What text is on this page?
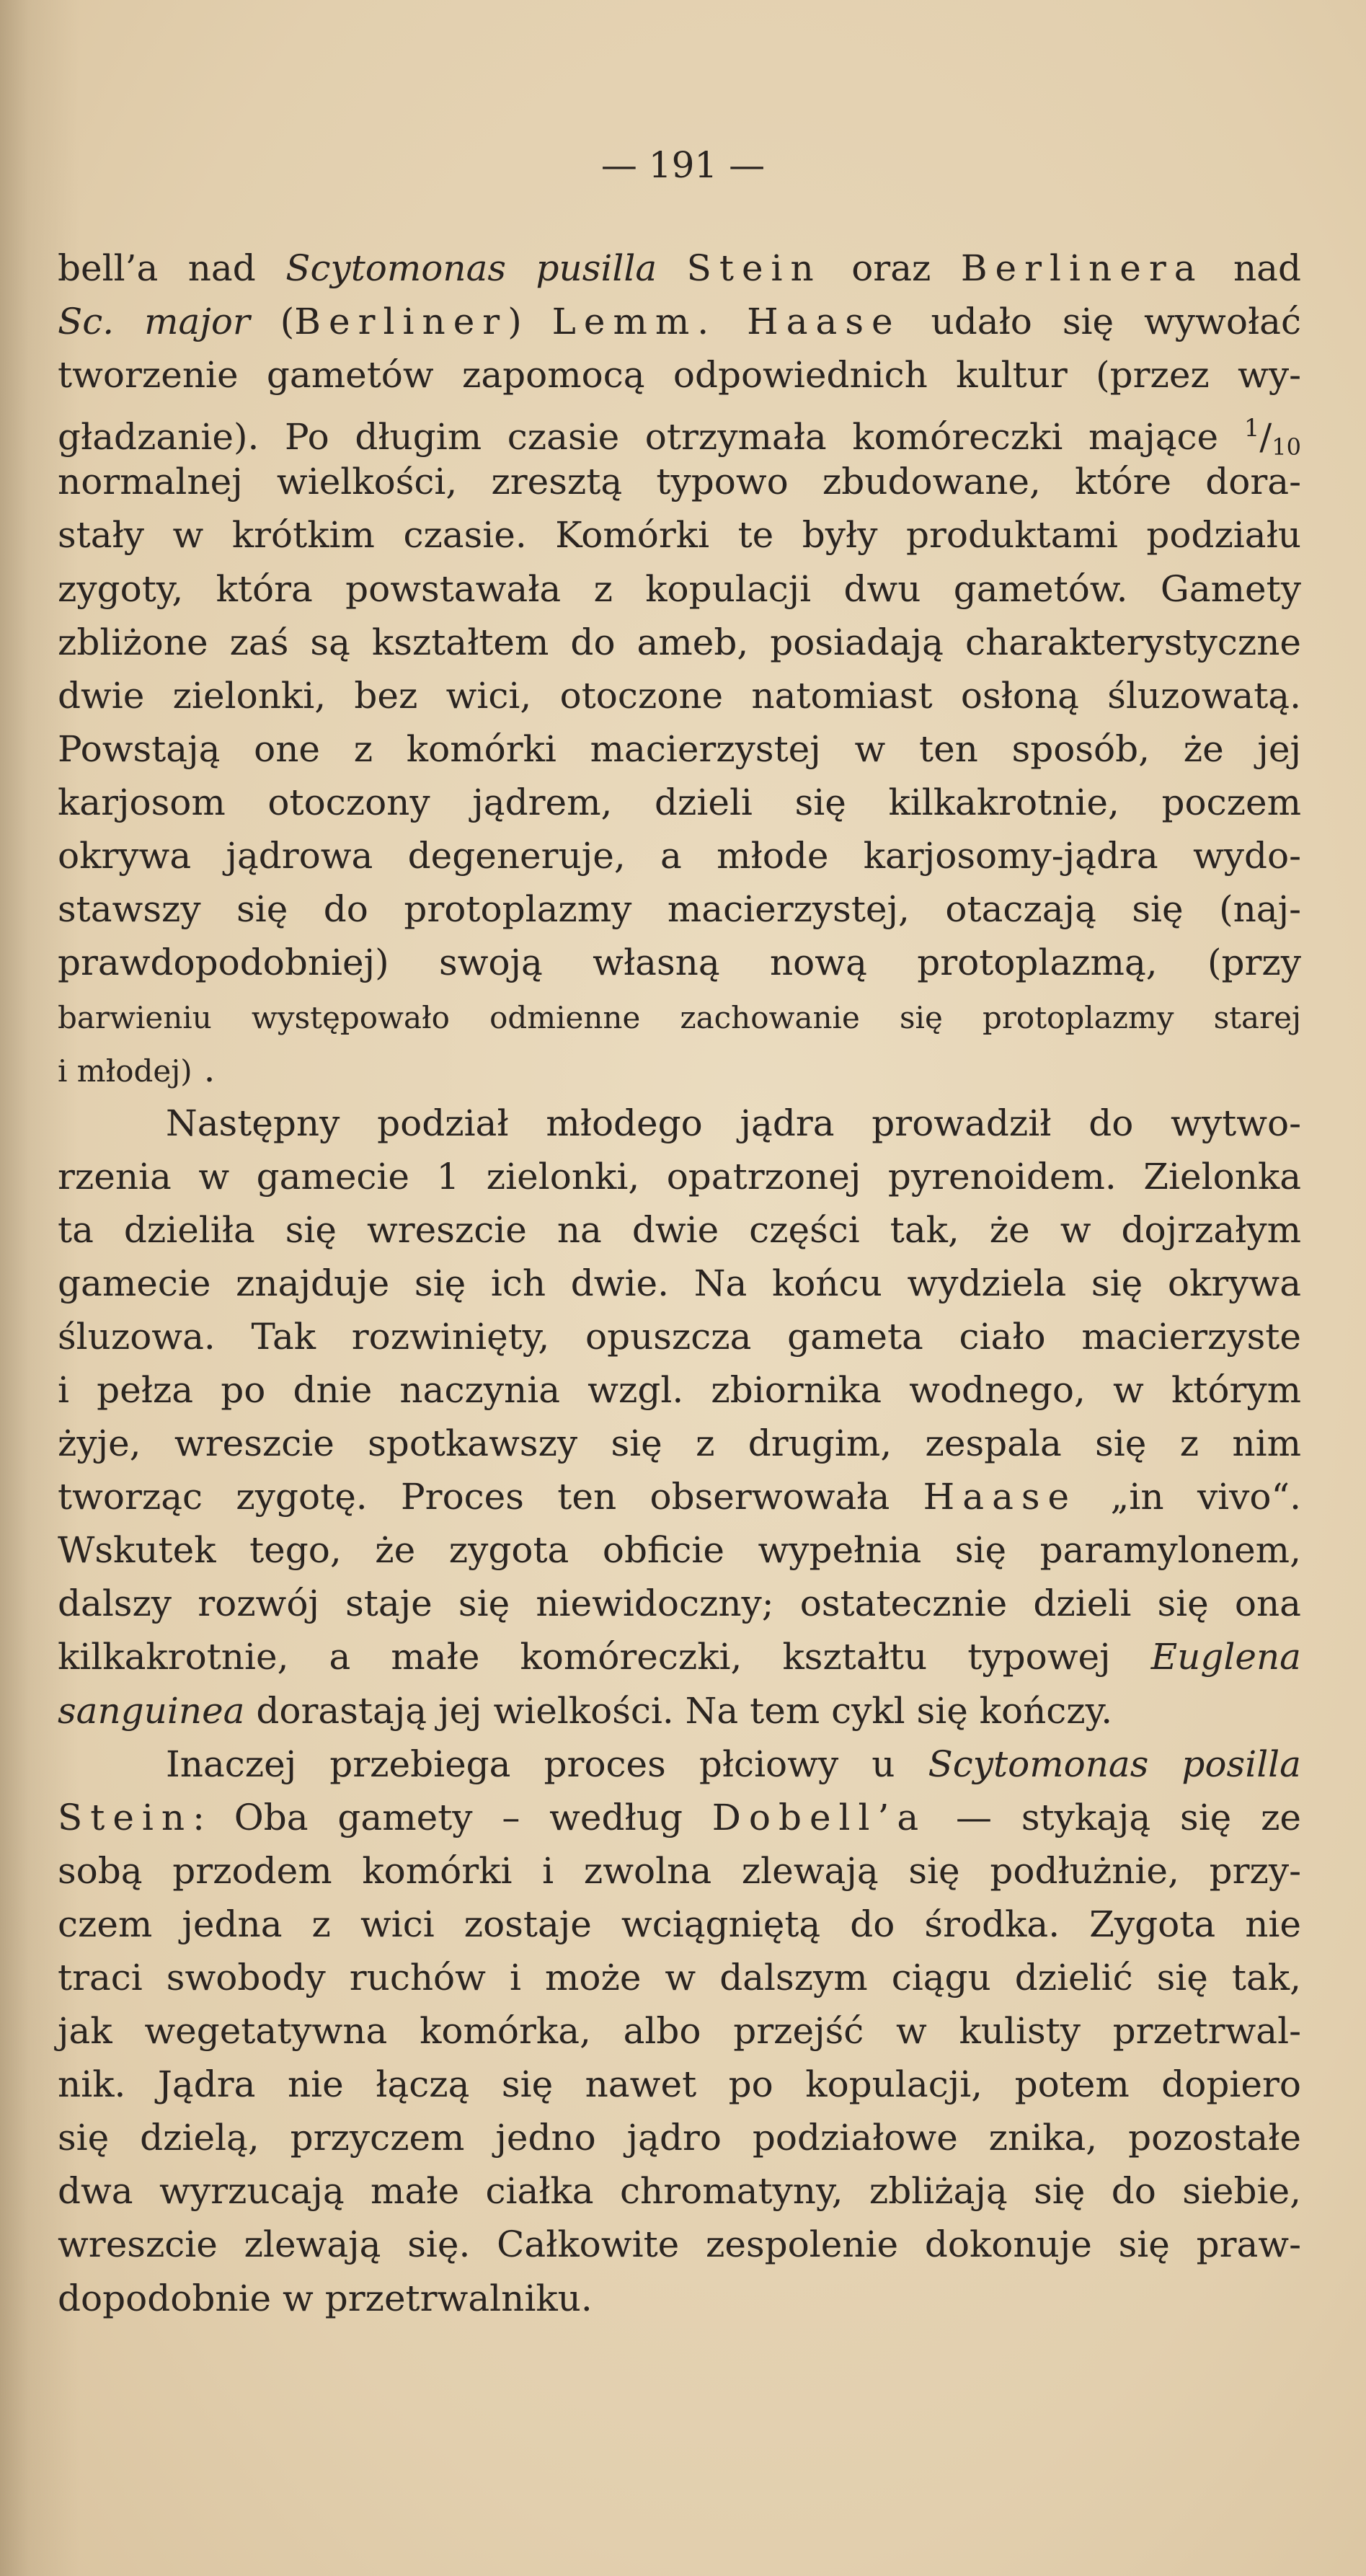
— 191 —
bell’a nad Scytomonas pusilla Stein oraz Berlinera nad
Sc. major (Berliner) Lemm. Haase udało się wywołać
tworzenie gametów zapomocą odpowiednich kultur (przez wy-
gładzanie). Po długim czasie otrzymała komóreczki mające $^1/_{10}$
normalnej wielkości, zresztą typowo zbudowane, które dora-
stały w krótkim czasie. Komórki te były produktami podziału
zygoty, która powstawała z kopulacji dwu gametów. Gamety
zbliżone zaś są kształtem do ameb, posiadają charakterystyczne
dwie zielonki, bez wici, otoczone natomiast osłoną śluzowatą.
Powstają one z komórki macierzystej w ten sposób, że jej
karjosom otoczony jądrem, dzieli się kilkakrotnie, poczem
okrywa jądrowa degeneruje, a młode karjosomy-jądra wydo-
stawszy się do protoplazmy macierzystej, otaczają się (naj-
prawdopodobniej) swoją własną nową protoplazmą, (przy
barwieniu występowało odmienne zachowanie się protoplazmy starej
i młodej) .
Następny podział młodego jądra prowadził do wytwo-
rzenia w gamecie 1 zielonki, opatrzonej pyrenoidem. Zielonka
ta dzieliła się wreszcie na dwie części tak, że w dojrzałym
gamecie znajduje się ich dwie. Na końcu wydziela się okrywa
śluzowa. Tak rozwinięty, opuszcza gameta ciało macierzyste
i pełza po dnie naczynia wzgl. zbiornika wodnego, w którym
żyje, wreszcie spotkawszy się z drugim, zespala się z nim
tworząc zygotę. Proces ten obserwowała Haase „in vivo“.
Wskutek tego, że zygota obficie wypełnia się paramylonem,
dalszy rozwój staje się niewidoczny; ostatecznie dzieli się ona
kilkakrotnie, a małe komóreczki, kształtu typowej Euglena
sanguinea dorastają jej wielkości. Na tem cykl się kończy.
Inaczej przebiega proces płciowy u Scytomonas posilla
Stein: Oba gamety – według Dobell’a — stykają się ze
sobą przodem komórki i zwolna zlewają się podłużnie, przy-
czem jedna z wici zostaje wciągniętą do środka. Zygota nie
traci swobody ruchów i może w dalszym ciągu dzielić się tak,
jak wegetatywna komórka, albo przejść w kulisty przetrwal-
nik. Jądra nie łączą się nawet po kopulacji, potem dopiero
się dzielą, przyczem jedno jądro podziałowe znika, pozostałe
dwa wyrzucają małe ciałka chromatyny, zbliżają się do siebie,
wreszcie zlewają się. Całkowite zespolenie dokonuje się praw-
dopodobnie w przetrwalniku.
